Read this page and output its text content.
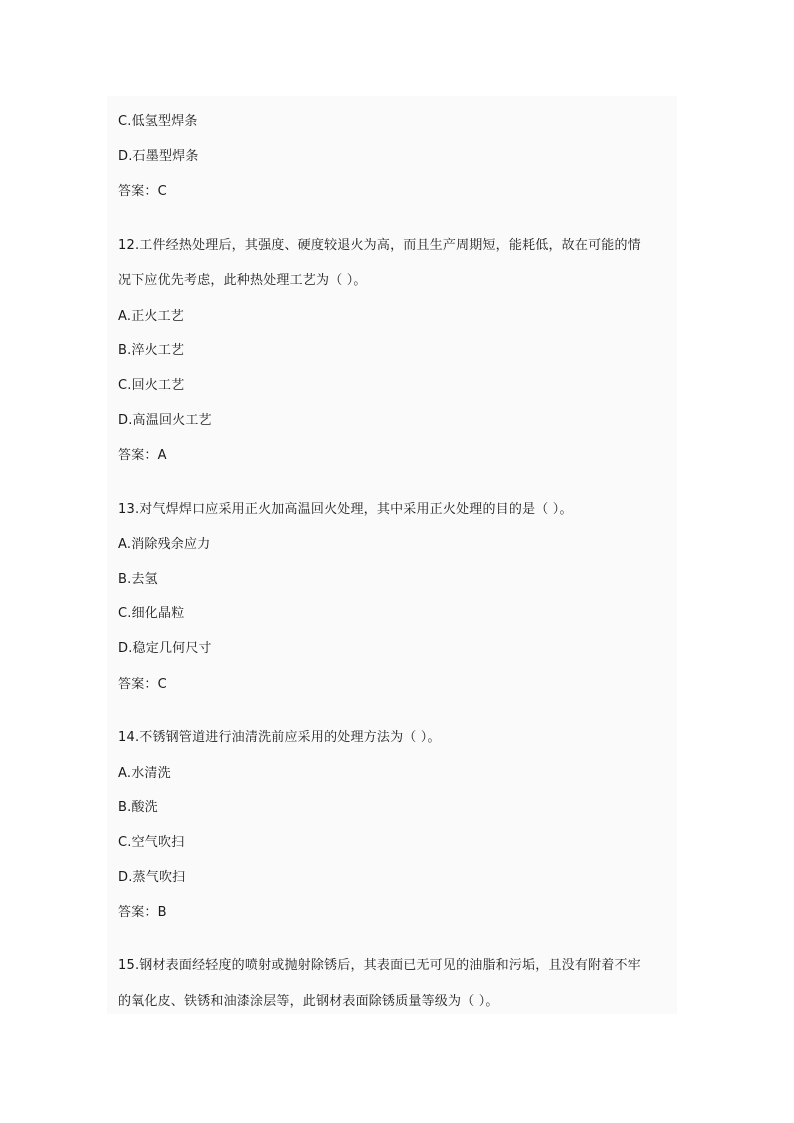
C.低氢型焊条
D.石墨型焊条
答案：C
12.工件经热处理后，其强度、硬度较退火为高，而且生产周期短，能耗低，故在可能的情
况下应优先考虑，此种热处理工艺为（ ）。
A.正火工艺
B.淬火工艺
C.回火工艺
D.高温回火工艺
答案：A
13.对气焊焊口应采用正火加高温回火处理，其中采用正火处理的目的是（ ）。
A.消除残余应力
B.去氢
C.细化晶粒
D.稳定几何尺寸
答案：C
14.不锈钢管道进行油清洗前应采用的处理方法为（ ）。
A.水清洗
B.酸洗
C.空气吹扫
D.蒸气吹扫
答案：B
15.钢材表面经轻度的喷射或抛射除锈后，其表面已无可见的油脂和污垢，且没有附着不牢
的氧化皮、铁锈和油漆涂层等，此钢材表面除锈质量等级为（ ）。
